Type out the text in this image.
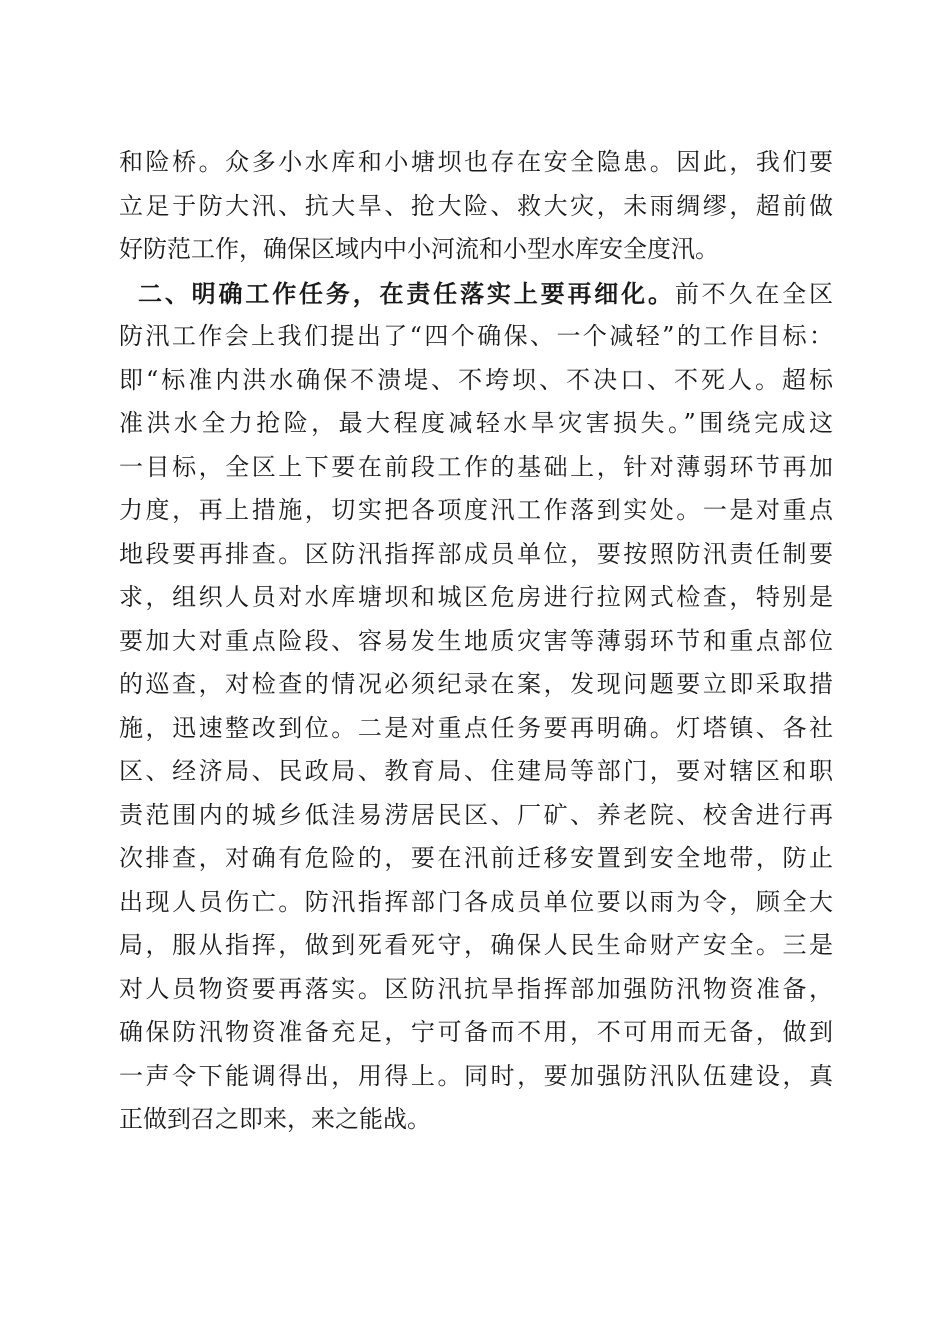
和险桥。众多小水库和小塘坝也存在安全隐患。因此，我们要
立足于防大汛、抗大旱、抢大险、救大灾，未雨绸缪，超前做
好防范工作，确保区域内中小河流和小型水库安全度汛。
二、明确工作任务，在责任落实上要再细化。前不久在全区
防汛工作会上我们提出了“四个确保、一个减轻”的工作目标：
即“标准内洪水确保不溃堤、不垮坝、不决口、不死人。超标
准洪水全力抢险，最大程度减轻水旱灾害损失。”围绕完成这
一目标，全区上下要在前段工作的基础上，针对薄弱环节再加
力度，再上措施，切实把各项度汛工作落到实处。一是对重点
地段要再排查。区防汛指挥部成员单位，要按照防汛责任制要
求，组织人员对水库塘坝和城区危房进行拉网式检查，特别是
要加大对重点险段、容易发生地质灾害等薄弱环节和重点部位
的巡查，对检查的情况必须纪录在案，发现问题要立即采取措
施，迅速整改到位。二是对重点任务要再明确。灯塔镇、各社
区、经济局、民政局、教育局、住建局等部门，要对辖区和职
责范围内的城乡低洼易涝居民区、厂矿、养老院、校舍进行再
次排查，对确有危险的，要在汛前迁移安置到安全地带，防止
出现人员伤亡。防汛指挥部门各成员单位要以雨为令，顾全大
局，服从指挥，做到死看死守，确保人民生命财产安全。三是
对人员物资要再落实。区防汛抗旱指挥部加强防汛物资准备，
确保防汛物资准备充足，宁可备而不用，不可用而无备，做到
一声令下能调得出，用得上。同时，要加强防汛队伍建设，真
正做到召之即来，来之能战。
